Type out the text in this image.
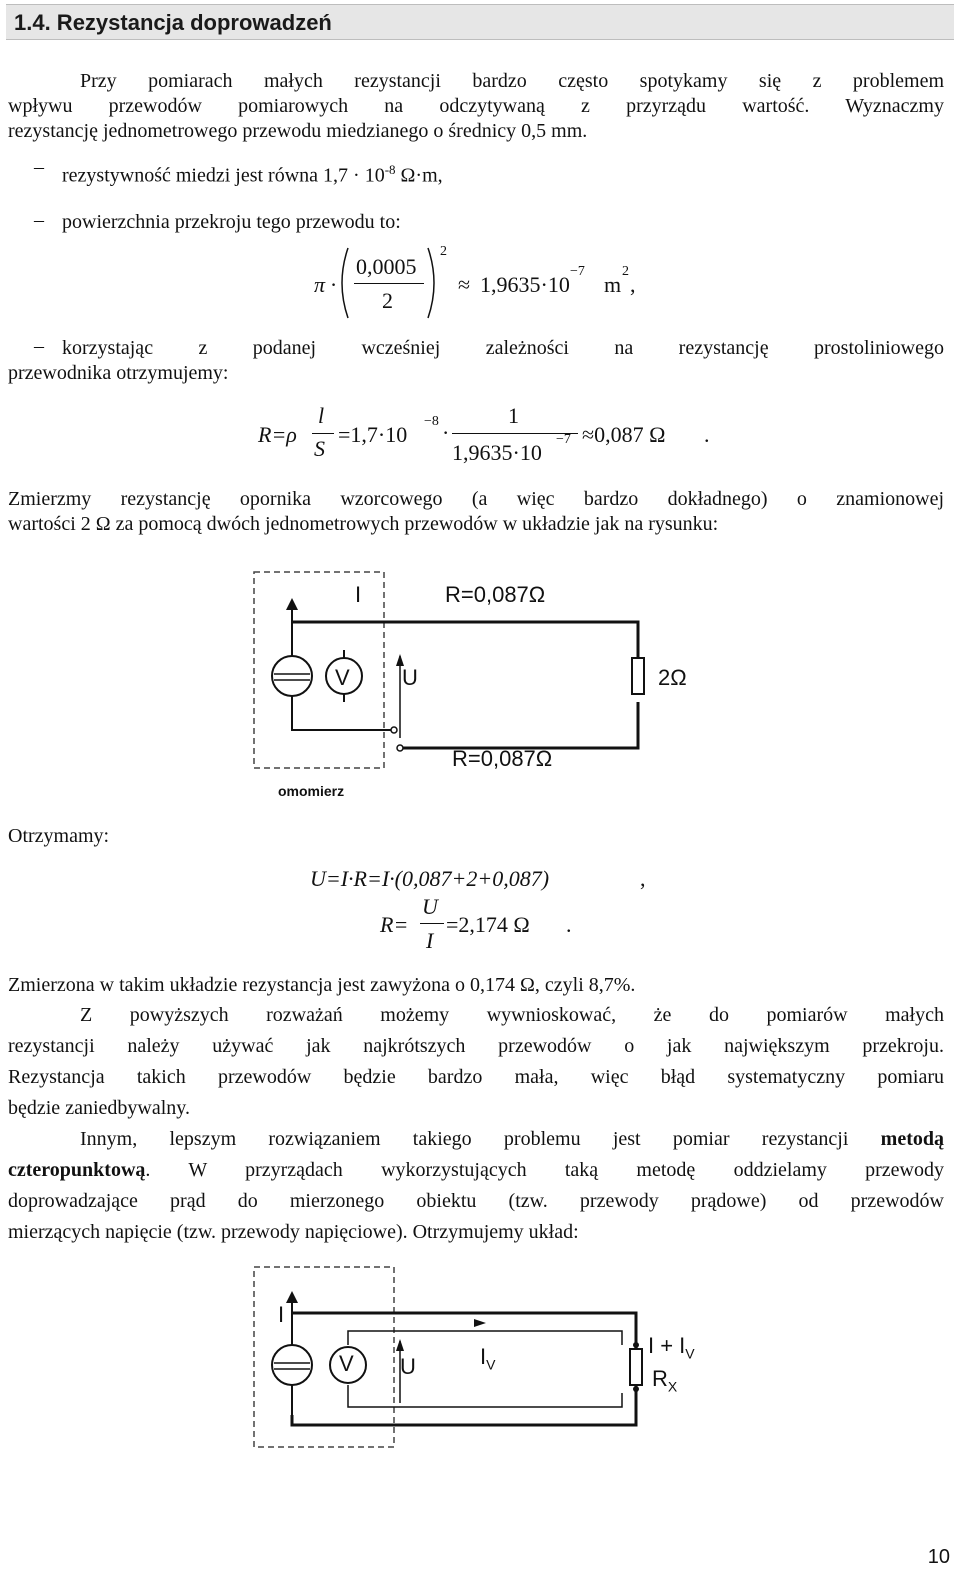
1.4. Rezystancja doprowadzeń
Przy pomiarach małych rezystancji bardzo często spotykamy się z problemem
wpływu przewodów pomiarowych na odczytywaną z przyrządu wartość. Wyznaczmy
rezystancję jednometrowego przewodu miedzianego o średnicy 0,5 mm.
– rezystywność miedzi jest równa $1,7 \cdot 10^{-8}$ Ω·m,
– powierzchnia przekroju tego przewodu to:
π ·
0,0005
2
2
≈ 1,9635·10
−7
m
2
,
– korzystając z podanej wcześniej zależności na rezystancję prostoliniowego
przewodnika otrzymujemy:
R=ρ
l
S
=1,7·10
−8 ·
1
1,9635·10
−7 ≈0,087 Ω .
Zmierzmy rezystancję opornika wzorcowego (a więc bardzo dokładnego) o znamionowej
wartości 2 Ω za pomocą dwóch jednometrowych przewodów w układzie jak na rysunku:
I	R=0,087Ω
V U	2Ω
R=0,087Ω
omomierz
Otrzymamy:
U=I·R=I·(0,087+2+0,087)	,
R=
U
I
=2,174 Ω .
Zmierzona w takim układzie rezystancja jest zawyżona o 0,174 Ω, czyli 8,7%.
Z powyższych rozważań możemy wywnioskować, że do pomiarów małych
rezystancji należy używać jak najkrótszych przewodów o jak największym przekroju.
Rezystancja takich przewodów będzie bardzo mała, więc błąd systematyczny pomiaru
będzie zaniedbywalny.
Innym, lepszym rozwiązaniem takiego problemu jest pomiar rezystancji metodą
czteropunktową. W przyrządach wykorzystujących taką metodę oddzielamy przewody
doprowadzające prąd do mierzonego obiektu (tzw. przewody prądowe) od przewodów
mierzących napięcie (tzw. przewody napięciowe). Otrzymujemy układ:
I
V U	$I_V$
$I + I_V$
$R_X$
10
